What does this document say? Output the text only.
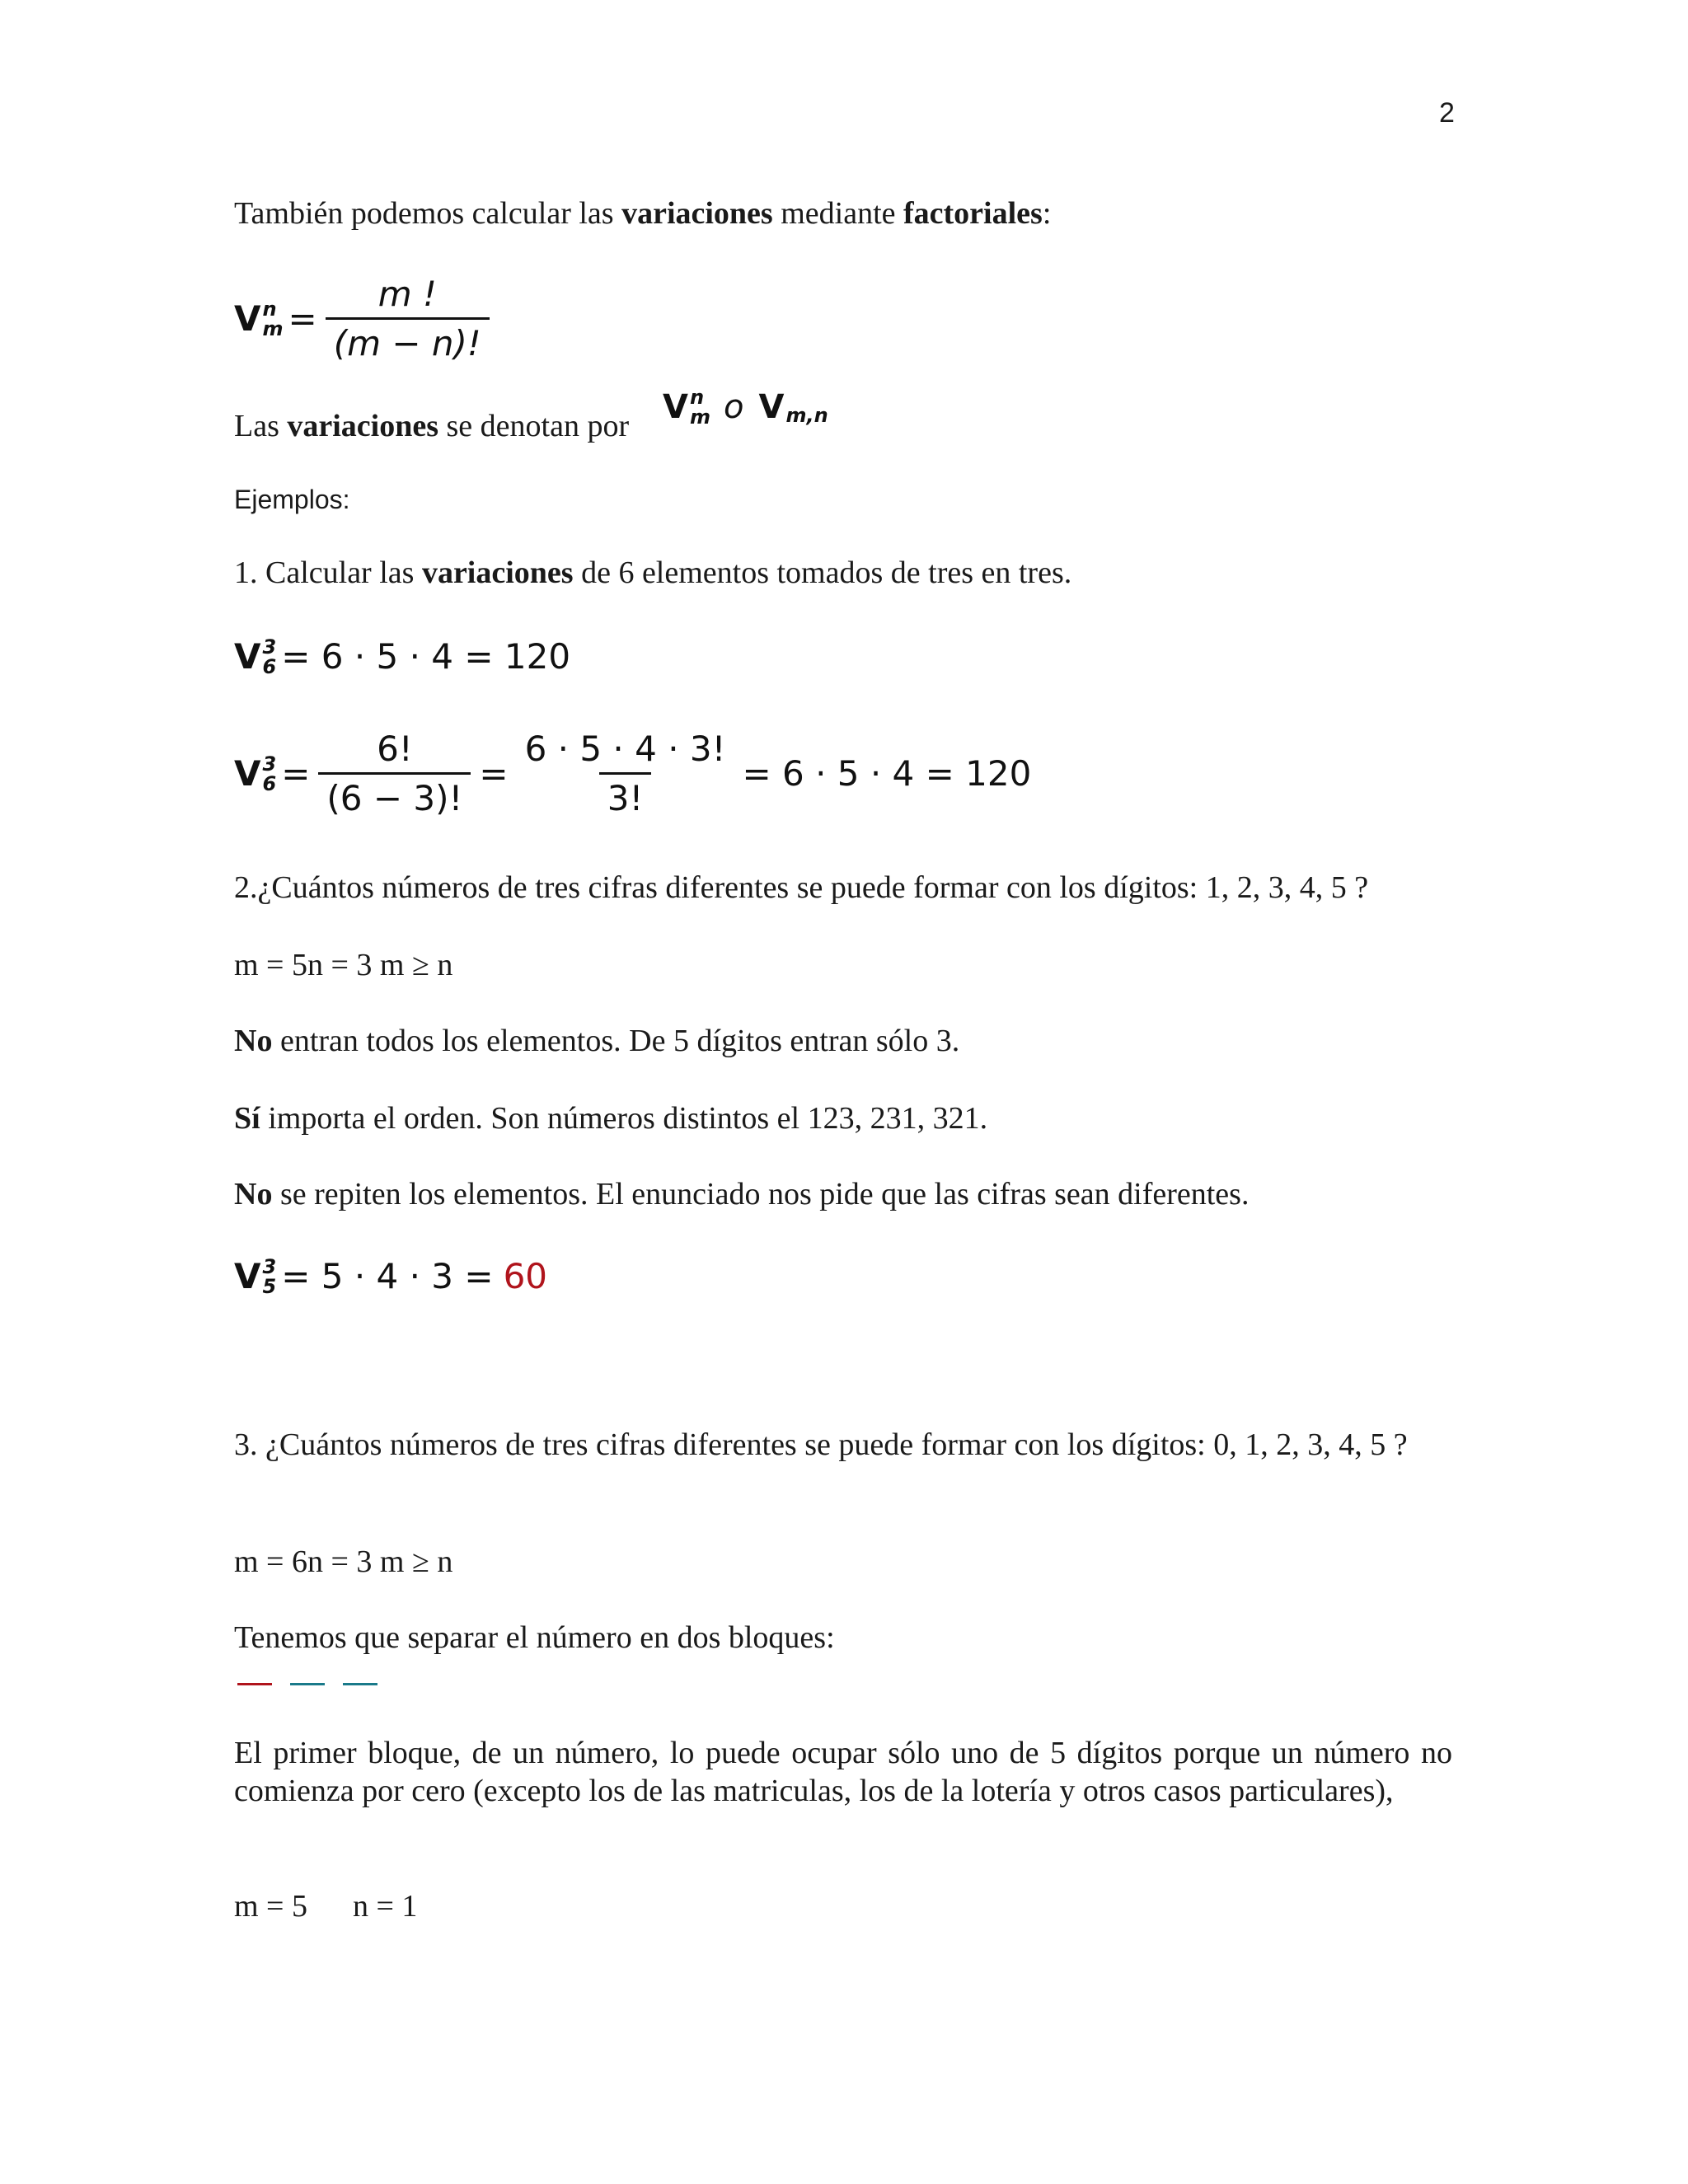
2
También podemos calcular las variaciones mediante factoriales:
V n
$m = \frac{m !}{(m - n)!}$
Las variaciones se denotan por V n
m o V m,n
Ejemplos:
1. Calcular las variaciones de 6 elementos tomados de tres en tres.
V 3
6 = 6 · 5 · 4 = 120
V 3
$6 = \frac{6!}{(6 - 3)!} = \frac{6 \cdot 5 \cdot 4 \cdot 3!}{3!} = 6 \cdot 5 \cdot 4 = 120$
2.¿Cuántos números de tres cifras diferentes se puede formar con los dígitos: 1, 2, 3, 4, 5 ?
m = 5n = 3 m ≥ n
No entran todos los elementos. De 5 dígitos entran sólo 3.
Sí importa el orden. Son números distintos el 123, 231, 321.
No se repiten los elementos. El enunciado nos pide que las cifras sean diferentes.
V 3
5 = 5 · 4 · 3 = 60
3. ¿Cuántos números de tres cifras diferentes se puede formar con los dígitos: 0, 1, 2, 3, 4, 5 ?
m = 6n = 3 m ≥ n
Tenemos que separar el número en dos bloques:
El primer bloque, de un número, lo puede ocupar sólo uno de 5 dígitos porque un número no comienza por cero (excepto los de las matriculas, los de la lotería y otros casos particulares),
m = 5 n = 1
